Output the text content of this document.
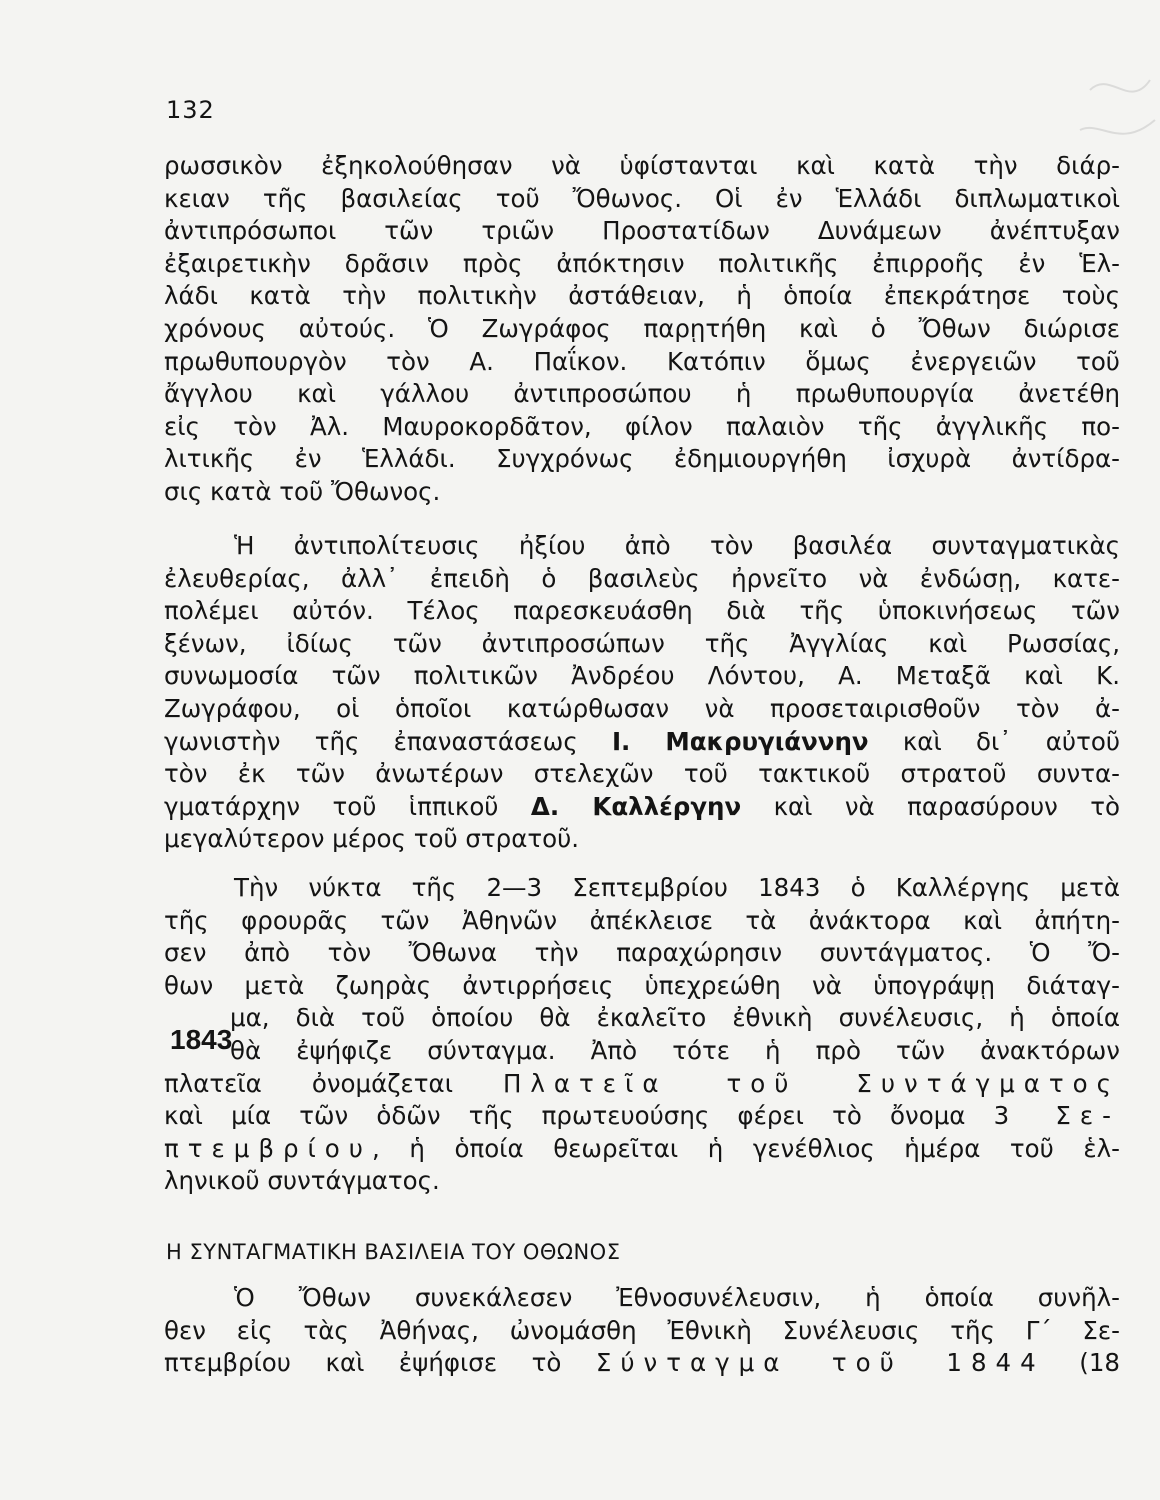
132
ρωσσικὸν ἐξηκολούθησαν νὰ ὑφίστανται καὶ κατὰ τὴν διάρ-
κειαν τῆς βασιλείας τοῦ Ὄθωνος. Οἱ ἐν Ἑλλάδι διπλωματικοὶ
ἀντιπρόσωποι τῶν τριῶν Προστατίδων Δυνάμεων ἀνέπτυξαν
ἐξαιρετικὴν δρᾶσιν πρὸς ἀπόκτησιν πολιτικῆς ἐπιρροῆς ἐν Ἑλ-
λάδι κατὰ τὴν πολιτικὴν ἀστάθειαν, ἡ ὁποία ἐπεκράτησε τοὺς
χρόνους αὐτούς. Ὁ Ζωγράφος παρῃτήθη καὶ ὁ Ὄθων διώρισε
πρωθυπουργὸν τὸν Α. Παΐκον. Κατόπιν ὅμως ἐνεργειῶν τοῦ
ἄγγλου καὶ γάλλου ἀντιπροσώπου ἡ πρωθυπουργία ἀνετέθη
εἰς τὸν Ἀλ. Μαυροκορδᾶτον, φίλον παλαιὸν τῆς ἀγγλικῆς πο-
λιτικῆς ἐν Ἑλλάδι. Συγχρόνως ἐδημιουργήθη ἰσχυρὰ ἀντίδρα-
σις κατὰ τοῦ Ὄθωνος.
Ἡ ἀντιπολίτευσις ἠξίου ἀπὸ τὸν βασιλέα συνταγματικὰς
ἐλευθερίας, ἀλλ᾿ ἐπειδὴ ὁ βασιλεὺς ἠρνεῖτο νὰ ἐνδώσῃ, κατε-
πολέμει αὐτόν. Τέλος παρεσκευάσθη διὰ τῆς ὑποκινήσεως τῶν
ξένων, ἰδίως τῶν ἀντιπροσώπων τῆς Ἀγγλίας καὶ Ρωσσίας,
συνωμοσία τῶν πολιτικῶν Ἀνδρέου Λόντου, Α. Μεταξᾶ καὶ Κ.
Ζωγράφου, οἱ ὁποῖοι κατώρθωσαν νὰ προσεταιρισθοῦν τὸν ἀ-
γωνιστὴν τῆς ἐπαναστάσεως Ι. Μακρυγιάννην καὶ δι᾿ αὐτοῦ
τὸν ἐκ τῶν ἀνωτέρων στελεχῶν τοῦ τακτικοῦ στρατοῦ συντα-
γματάρχην τοῦ ἱππικοῦ Δ. Καλλέργην καὶ νὰ παρασύρουν τὸ
μεγαλύτερον μέρος τοῦ στρατοῦ.
Τὴν νύκτα τῆς 2—3 Σεπτεμβρίου 1843 ὁ Καλλέργης μετὰ
τῆς φρουρᾶς τῶν Ἀθηνῶν ἀπέκλεισε τὰ ἀνάκτορα καὶ ἀπήτη-
σεν ἀπὸ τὸν Ὄθωνα τὴν παραχώρησιν συντάγματος. Ὁ Ὄ-
θων μετὰ ζωηρὰς ἀντιρρήσεις ὑπεχρεώθη νὰ ὑπογράψῃ διάταγ-
μα, διὰ τοῦ ὁποίου θὰ ἐκαλεῖτο ἐθνικὴ συνέλευσις, ἡ ὁποία
θὰ ἐψήφιζε σύνταγμα. Ἀπὸ τότε ἡ πρὸ τῶν ἀνακτόρων
πλατεῖα ὀνομάζεται Πλατεῖα τοῦ Συντάγματος
καὶ μία τῶν ὁδῶν τῆς πρωτευούσης φέρει τὸ ὄνομα 3 Σε-
πτεμβρίου, ἡ ὁποία θεωρεῖται ἡ γενέθλιος ἡμέρα τοῦ ἑλ-
ληνικοῦ συντάγματος.
1843
Η ΣΥΝΤΑΓΜΑΤΙΚΗ ΒΑΣΙΛΕΙΑ ΤΟΥ ΟΘΩΝΟΣ
Ὁ Ὄθων συνεκάλεσεν Ἐθνοσυνέλευσιν, ἡ ὁποία συνῆλ-
θεν εἰς τὰς Ἀθήνας, ὠνομάσθη Ἐθνικὴ Συνέλευσις τῆς Γ΄ Σε-
πτεμβρίου καὶ ἐψήφισε τὸ Σύνταγμα τοῦ 1844 (18
